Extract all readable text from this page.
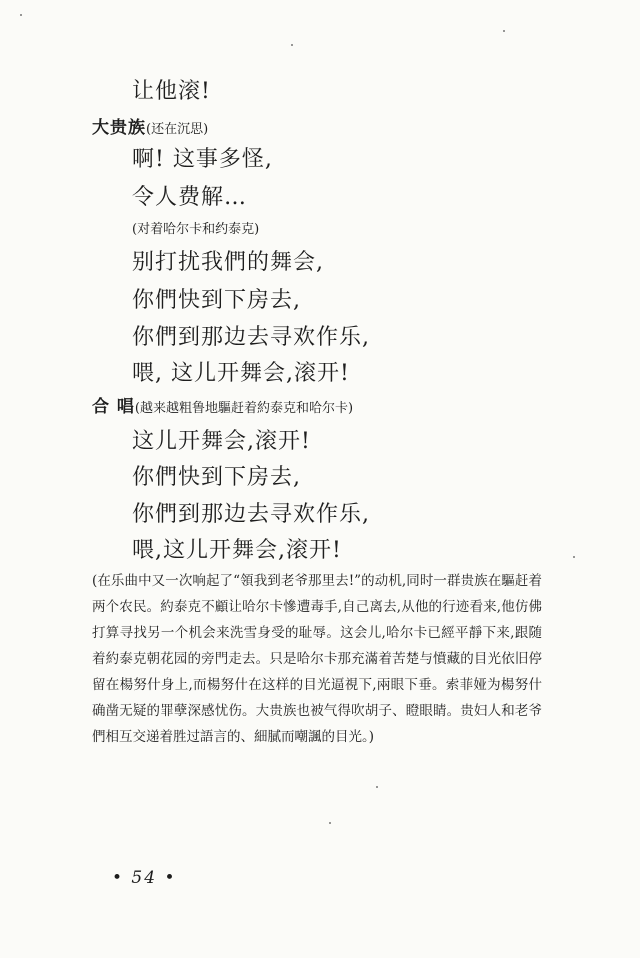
让他滚!
大贵族(还在沉思)
啊! 这事多怪,
令人费解…
(对着哈尔卡和约泰克)
别打扰我們的舞会,
你們快到下房去,
你們到那边去寻欢作乐,
喂, 这儿开舞会,滚开!
合 唱(越来越粗鲁地驅赶着約泰克和哈尔卡)
这儿开舞会,滚开!
你們快到下房去,
你們到那边去寻欢作乐,
喂,这儿开舞会,滚开!
(在乐曲中又一次响起了“領我到老爷那里去!”的动机,同时一群贵族在驅赶着两个农民。約泰克不顧让哈尔卡慘遭毒手,自己离去,从他的行迹看来,他仿佛打算寻找另一个机会来洗雪身受的耻辱。这会儿,哈尔卡已經平靜下来,跟随着約泰克朝花园的旁門走去。只是哈尔卡那充滿着苦楚与憤藏的目光依旧停留在楊努什身上,而楊努什在这样的目光逼視下,兩眼下垂。索菲娅为楊努什确凿无疑的罪孽深感忧伤。大贵族也被气得吹胡子、瞪眼睛。贵妇人和老爷們相互交递着胜过語言的、細膩而嘲諷的目光。)
• 54 •
